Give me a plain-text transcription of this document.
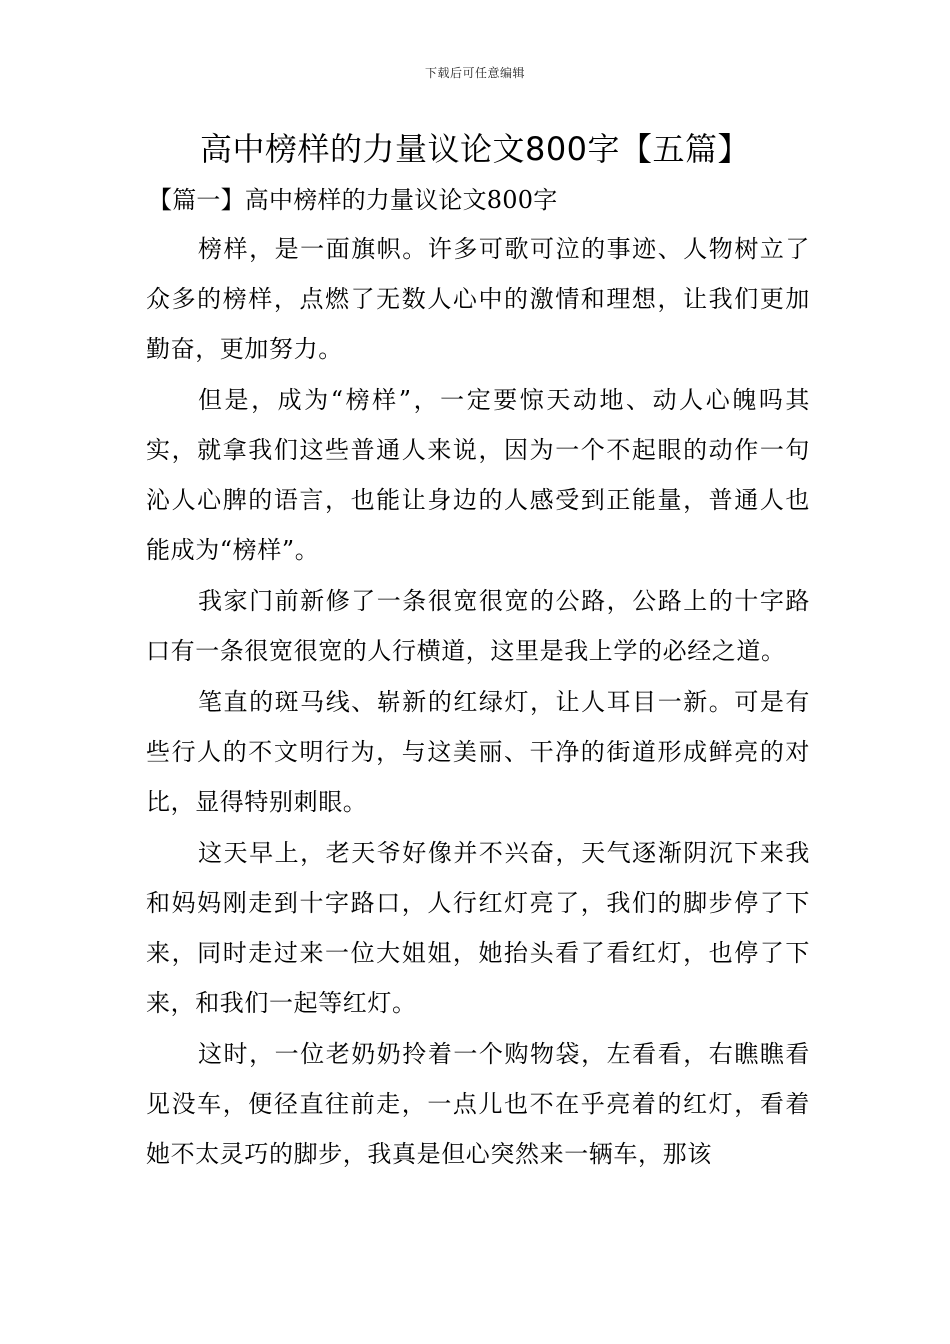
下载后可任意编辑
高中榜样的力量议论文800字【五篇】
【篇一】高中榜样的力量议论文800字

榜样，是一面旗帜。许多可歌可泣的事迹、人物树立了众多的榜样，点燃了无数人心中的激情和理想，让我们更加勤奋，更加努力。

但是，成为“榜样”，一定要惊天动地、动人心魄吗其实，就拿我们这些普通人来说，因为一个不起眼的动作一句沁人心脾的语言，也能让身边的人感受到正能量，普通人也能成为“榜样”。

我家门前新修了一条很宽很宽的公路，公路上的十字路口有一条很宽很宽的人行横道，这里是我上学的必经之道。

笔直的斑马线、崭新的红绿灯，让人耳目一新。可是有些行人的不文明行为，与这美丽、干净的街道形成鲜亮的对比，显得特别刺眼。

这天早上，老天爷好像并不兴奋，天气逐渐阴沉下来我和妈妈刚走到十字路口，人行红灯亮了，我们的脚步停了下来，同时走过来一位大姐姐，她抬头看了看红灯，也停了下来，和我们一起等红灯。

这时，一位老奶奶拎着一个购物袋，左看看，右瞧瞧看见没车，便径直往前走，一点儿也不在乎亮着的红灯，看着她不太灵巧的脚步，我真是但心突然来一辆车，那该
